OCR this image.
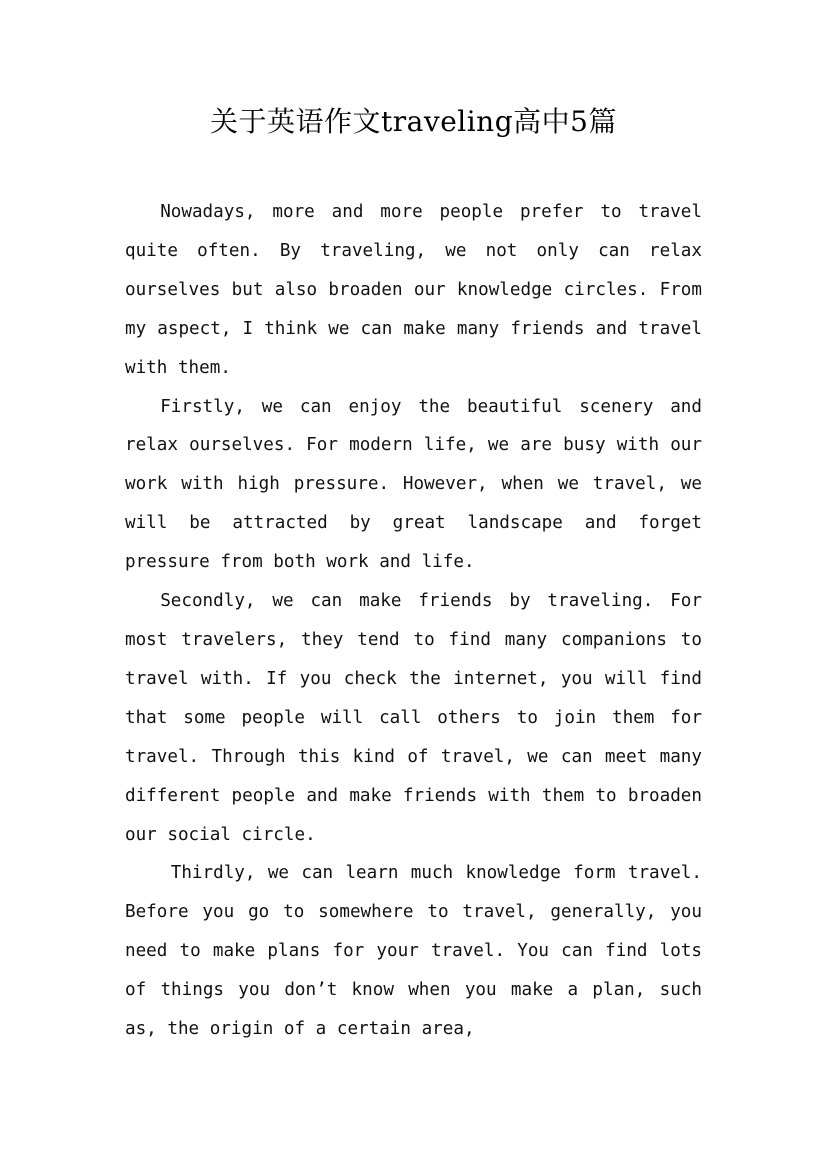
关于英语作文traveling高中5篇

Nowadays, more and more people prefer to travel quite often. By traveling, we not only can relax ourselves but also broaden our knowledge circles. From my aspect, I think we can make many friends and travel with them.

Firstly, we can enjoy the beautiful scenery and relax ourselves. For modern life, we are busy with our work with high pressure. However, when we travel, we will be attracted by great landscape and forget pressure from both work and life.

Secondly, we can make friends by traveling. For most travelers, they tend to find many companions to travel with. If you check the internet, you will find that some people will call others to join them for travel. Through this kind of travel, we can meet many different people and make friends with them to broaden our social circle.

Thirdly, we can learn much knowledge form travel. Before you go to somewhere to travel, generally, you need to make plans for your travel. You can find lots of things you don’t know when you make a plan, such as, the origin of a certain area,
